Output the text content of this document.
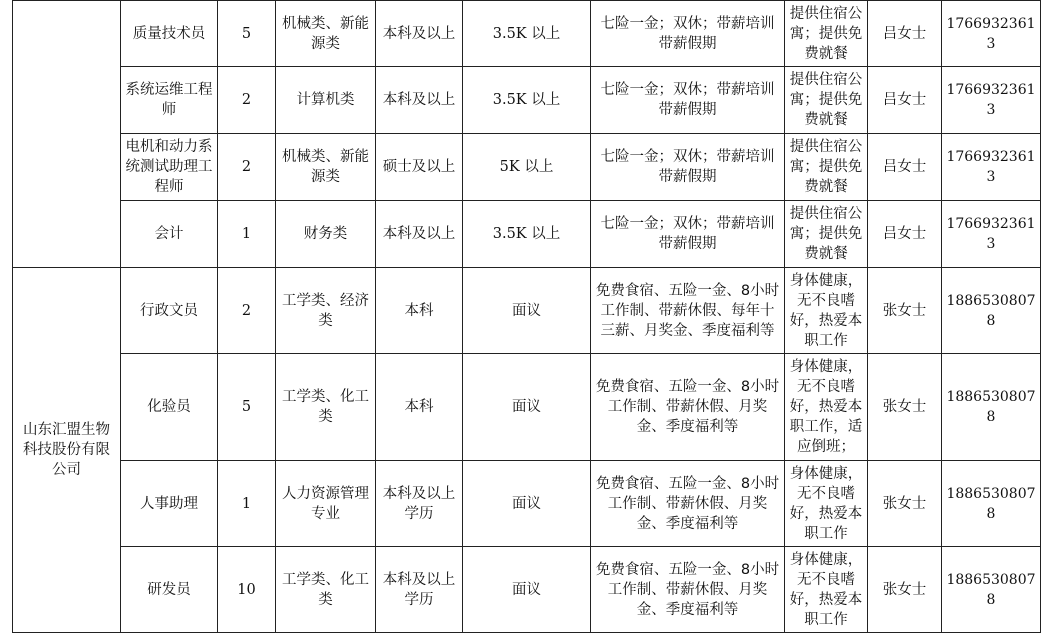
	质量技术员	5	机械类、新能源类	本科及以上	3.5K 以上	七险一金；双休；带薪培训带薪假期	提供住宿公寓；提供免费就餐	吕女士	17669323613
	系统运维工程师	2	计算机类	本科及以上	3.5K 以上	七险一金；双休；带薪培训带薪假期	提供住宿公寓；提供免费就餐	吕女士	17669323613
	电机和动力系统测试助理工程师	2	机械类、新能源类	硕士及以上	5K 以上	七险一金；双休；带薪培训带薪假期	提供住宿公寓；提供免费就餐	吕女士	17669323613
	会计	1	财务类	本科及以上	3.5K 以上	七险一金；双休；带薪培训带薪假期	提供住宿公寓；提供免费就餐	吕女士	17669323613
山东汇盟生物科技股份有限公司	行政文员	2	工学类、经济类	本科	面议	免费食宿、五险一金、8小时工作制、带薪休假、每年十三薪、月奖金、季度福利等	身体健康，无不良嗜好，热爱本职工作	张女士	18865308078
	化验员	5	工学类、化工类	本科	面议	免费食宿、五险一金、8小时工作制、带薪休假、月奖金、季度福利等	身体健康，无不良嗜好，热爱本职工作，适应倒班；	张女士	18865308078
	人事助理	1	人力资源管理专业	本科及以上学历	面议	免费食宿、五险一金、8小时工作制、带薪休假、月奖金、季度福利等	身体健康，无不良嗜好，热爱本职工作	张女士	18865308078
	研发员	10	工学类、化工类	本科及以上学历	面议	免费食宿、五险一金、8小时工作制、带薪休假、月奖金、季度福利等	身体健康，无不良嗜好，热爱本职工作	张女士	18865308078
